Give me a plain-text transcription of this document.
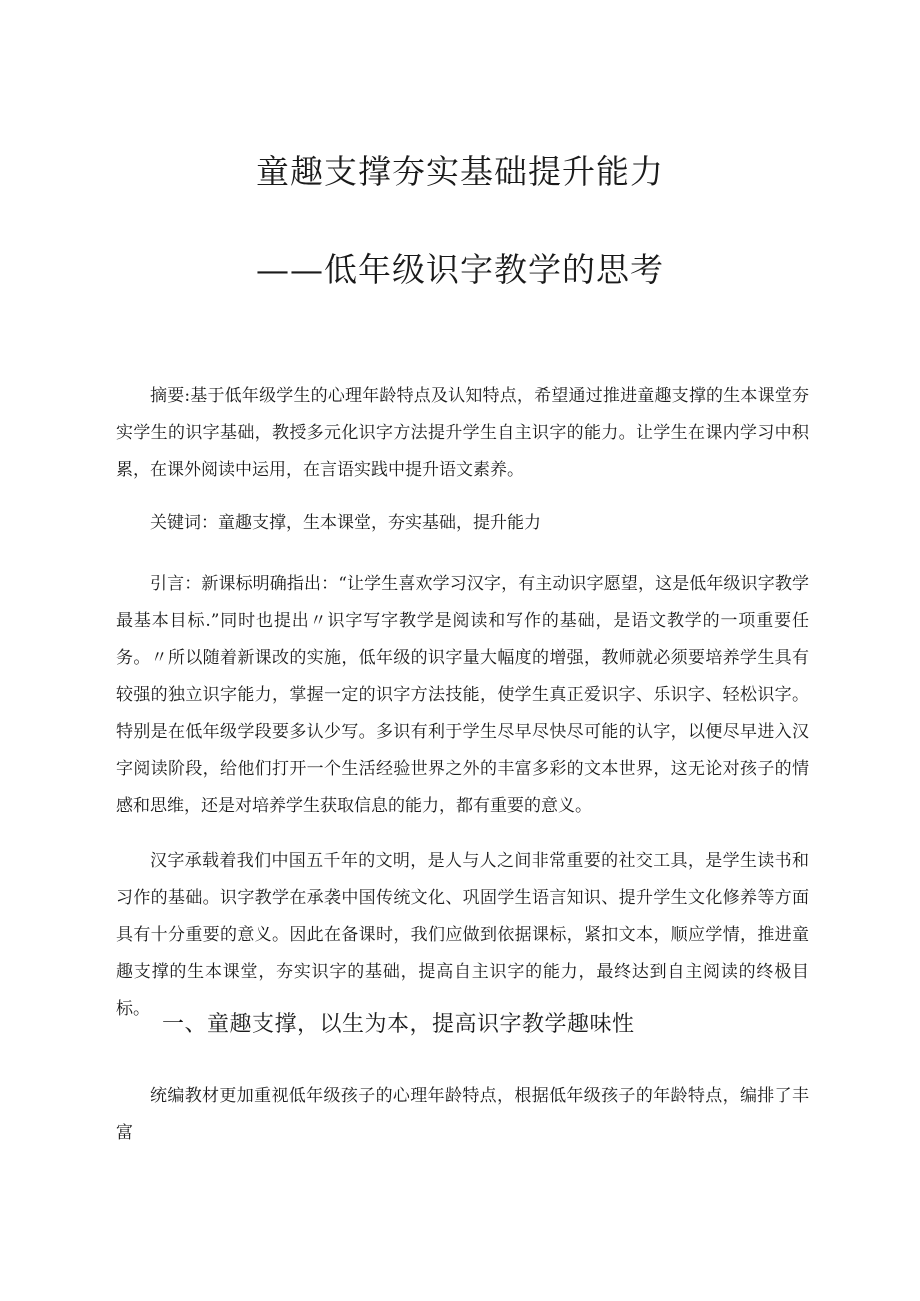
童趣支撑夯实基础提升能力
——低年级识字教学的思考

摘要:基于低年级学生的心理年龄特点及认知特点，希望通过推进童趣支撑的生本课堂夯实学生的识字基础，教授多元化识字方法提升学生自主识字的能力。让学生在课内学习中积累，在课外阅读中运用，在言语实践中提升语文素养。

关键词：童趣支撑，生本课堂，夯实基础，提升能力

引言：新课标明确指出：“让学生喜欢学习汉字，有主动识字愿望，这是低年级识字教学最基本目标.”同时也提出〃识字写字教学是阅读和写作的基础，是语文教学的一项重要任务。〃所以随着新课改的实施，低年级的识字量大幅度的增强，教师就必须要培养学生具有较强的独立识字能力，掌握一定的识字方法技能，使学生真正爱识字、乐识字、轻松识字。特别是在低年级学段要多认少写。多识有利于学生尽早尽快尽可能的认字，以便尽早进入汉字阅读阶段，给他们打开一个生活经验世界之外的丰富多彩的文本世界，这无论对孩子的情感和思维，还是对培养学生获取信息的能力，都有重要的意义。

汉字承载着我们中国五千年的文明，是人与人之间非常重要的社交工具，是学生读书和习作的基础。识字教学在承袭中国传统文化、巩固学生语言知识、提升学生文化修养等方面具有十分重要的意义。因此在备课时，我们应做到依据课标，紧扣文本，顺应学情，推进童趣支撑的生本课堂，夯实识字的基础，提高自主识字的能力，最终达到自主阅读的终极目标。

一、童趣支撑，以生为本，提高识字教学趣味性

统编教材更加重视低年级孩子的心理年龄特点，根据低年级孩子的年龄特点，编排了丰富
